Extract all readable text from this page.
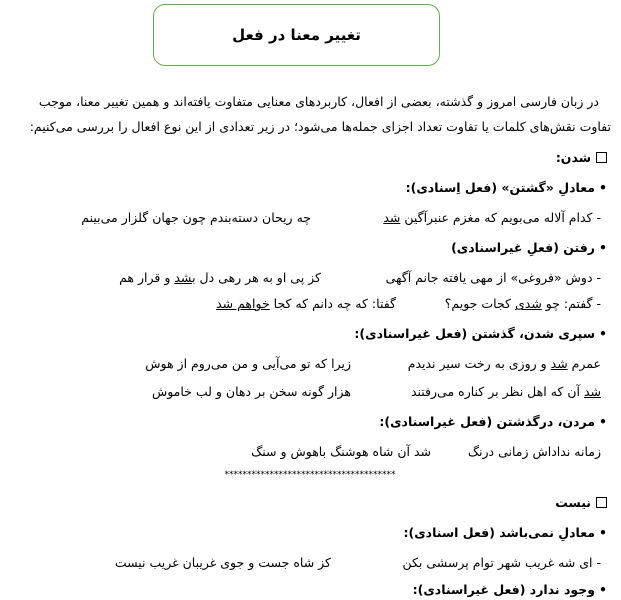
تغییر معنا در فعل
در زبان فارسی امروز و گذشته، بعضی از افعال، کاربردهای معنایی متفاوت یافته‌اند و همین تغییر معنا، موجب
تفاوت نقش‌های کلمات یا تفاوت تعداد اجزای جمله‌ها می‌شود؛ در زیر تعدادی از این نوع افعال را بررسی می‌کنیم:
شدن:
•معادلِ «گشتن» (فعل اِسنادی):
- کدام آلاله می‌بویم که مغزم عنبرآگین شد
چه ریحان دسته‌بندم چون جهان گلزار می‌بینم
•رفتن (فعلِ غیراسنادی)
- دوش «فروغی» از مهی یافته جانم آگهی
کز پی او به هر رهی دل بشد و قرار هم
- گفتم: چو شدی کجات جویم؟
گفتا: که چه دانم که کجا خواهم شد
•سپری شدن، گذشتن (فعل غیراسنادی):
عمرم شد و روزی به رخت سیر ندیدم
زیرا که تو می‌آیی و من می‌روم از هوش
شد آن که اهل نظر بر کناره می‌رفتند
هزار گونه سخن بر دهان و لب خاموش
•مردن، درگذشتن (فعل غیراسنادی):
زمانه نداداش زمانی درنگ
شد آن شاه هوشنگ باهوش و سنگ
**************************************
نیست
•معادلِ نمی‌باشد (فعل اسنادی):
- ای شه غریب شهر توام پرسشی بکن
کز شاه جست و جوی غریبان غریب نیست
•وجود ندارد (فعل غیراسنادی):
